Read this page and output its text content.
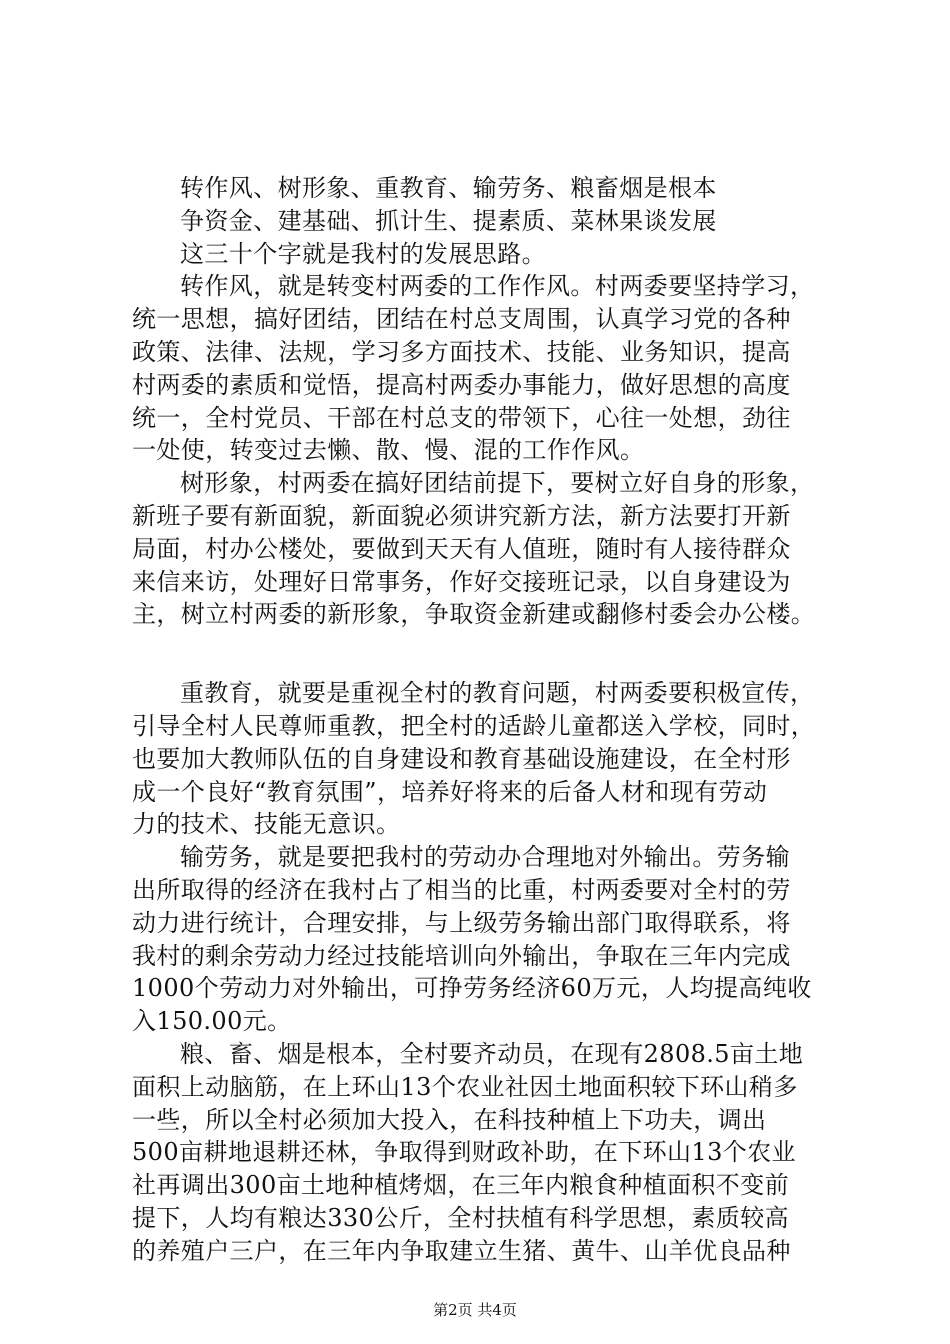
转作风、树形象、重教育、输劳务、粮畜烟是根本
争资金、建基础、抓计生、提素质、菜林果谈发展
这三十个字就是我村的发展思路。
转作风，就是转变村两委的工作作风。村两委要坚持学习，
统一思想，搞好团结，团结在村总支周围，认真学习党的各种
政策、法律、法规，学习多方面技术、技能、业务知识，提高
村两委的素质和觉悟，提高村两委办事能力，做好思想的高度
统一，全村党员、干部在村总支的带领下，心往一处想，劲往
一处使，转变过去懒、散、慢、混的工作作风。
树形象，村两委在搞好团结前提下，要树立好自身的形象，
新班子要有新面貌，新面貌必须讲究新方法，新方法要打开新
局面，村办公楼处，要做到天天有人值班，随时有人接待群众
来信来访，处理好日常事务，作好交接班记录，以自身建设为
主，树立村两委的新形象，争取资金新建或翻修村委会办公楼。
重教育，就要是重视全村的教育问题，村两委要积极宣传，
引导全村人民尊师重教，把全村的适龄儿童都送入学校，同时，
也要加大教师队伍的自身建设和教育基础设施建设，在全村形
成一个良好“教育氛围”，培养好将来的后备人材和现有劳动
力的技术、技能无意识。
输劳务，就是要把我村的劳动办合理地对外输出。劳务输
出所取得的经济在我村占了相当的比重，村两委要对全村的劳
动力进行统计，合理安排，与上级劳务输出部门取得联系，将
我村的剩余劳动力经过技能培训向外输出，争取在三年内完成
1000个劳动力对外输出，可挣劳务经济60万元，人均提高纯收
入150.00元。
粮、畜、烟是根本，全村要齐动员，在现有2808.5亩土地
面积上动脑筋，在上环山13个农业社因土地面积较下环山稍多
一些，所以全村必须加大投入，在科技种植上下功夫，调出
500亩耕地退耕还林，争取得到财政补助，在下环山13个农业
社再调出300亩土地种植烤烟，在三年内粮食种植面积不变前
提下，人均有粮达330公斤，全村扶植有科学思想，素质较高
的养殖户三户，在三年内争取建立生猪、黄牛、山羊优良品种
第2页 共4页
